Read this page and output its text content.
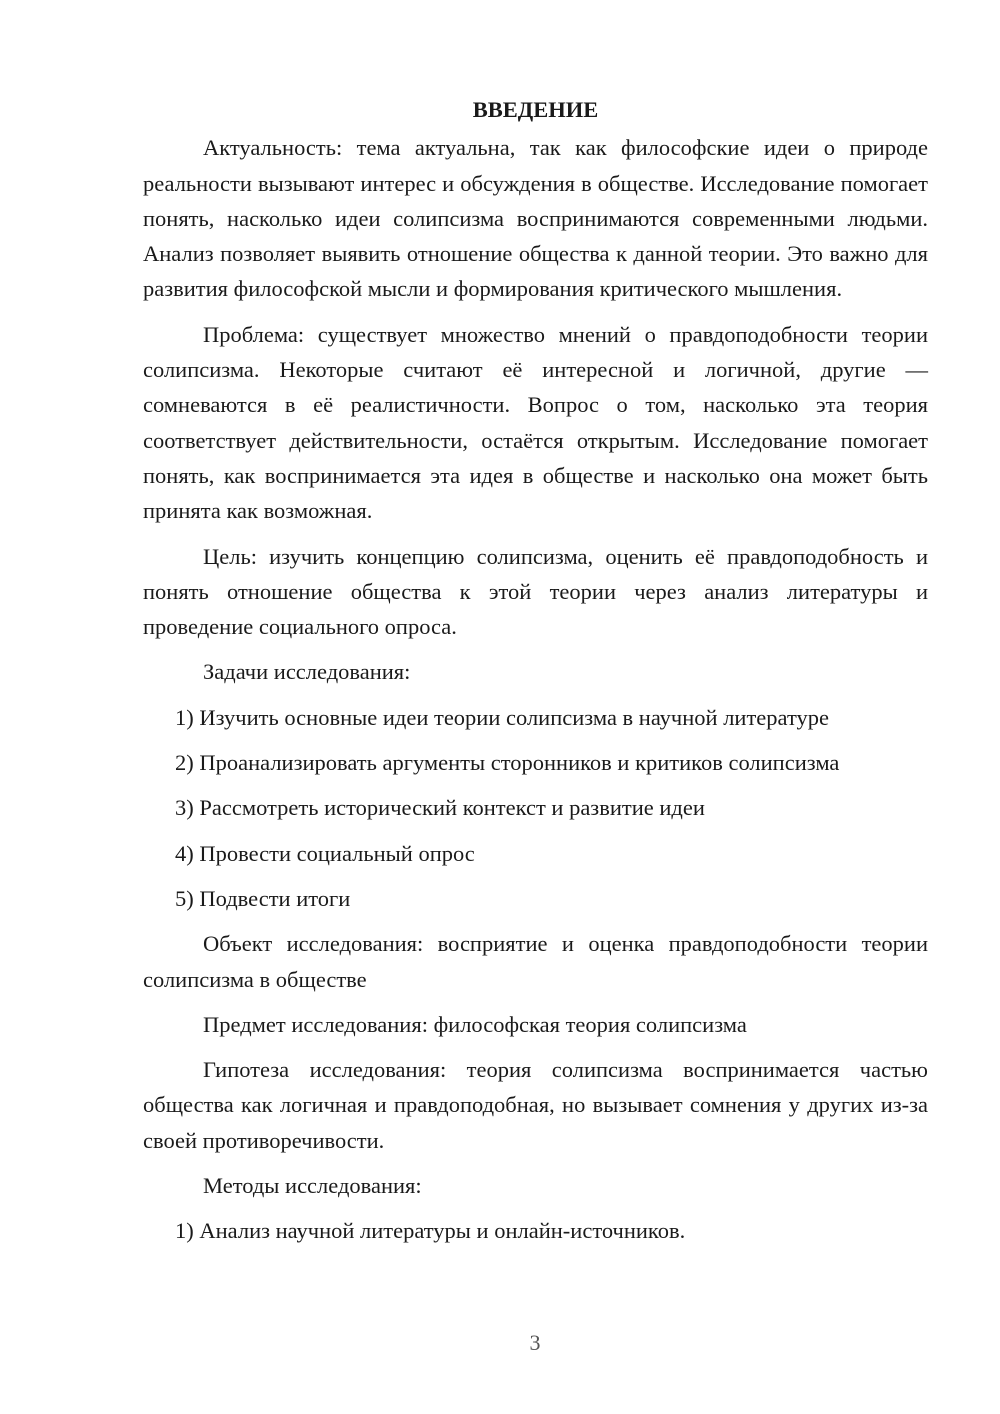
ВВЕДЕНИЕ
Актуальность: тема актуальна, так как философские идеи о природе реальности вызывают интерес и обсуждения в обществе. Исследование помогает понять, насколько идеи солипсизма воспринимаются современными людьми. Анализ позволяет выявить отношение общества к данной теории. Это важно для развития философской мысли и формирования критического мышления.
Проблема: существует множество мнений о правдоподобности теории солипсизма. Некоторые считают её интересной и логичной, другие — сомневаются в её реалистичности. Вопрос о том, насколько эта теория соответствует действительности, остаётся открытым. Исследование помогает понять, как воспринимается эта идея в обществе и насколько она может быть принята как возможная.
Цель: изучить концепцию солипсизма, оценить её правдоподобность и понять отношение общества к этой теории через анализ литературы и проведение социального опроса.
Задачи исследования:
1) Изучить основные идеи теории солипсизма в научной литературе
2) Проанализировать аргументы сторонников и критиков солипсизма
3) Рассмотреть исторический контекст и развитие идеи
4) Провести социальный опрос
5) Подвести итоги
Объект исследования: восприятие и оценка правдоподобности теории солипсизма в обществе
Предмет исследования: философская теория солипсизма
Гипотеза исследования: теория солипсизма воспринимается частью общества как логичная и правдоподобная, но вызывает сомнения у других из-за своей противоречивости.
Методы исследования:
1) Анализ научной литературы и онлайн-источников.
3
